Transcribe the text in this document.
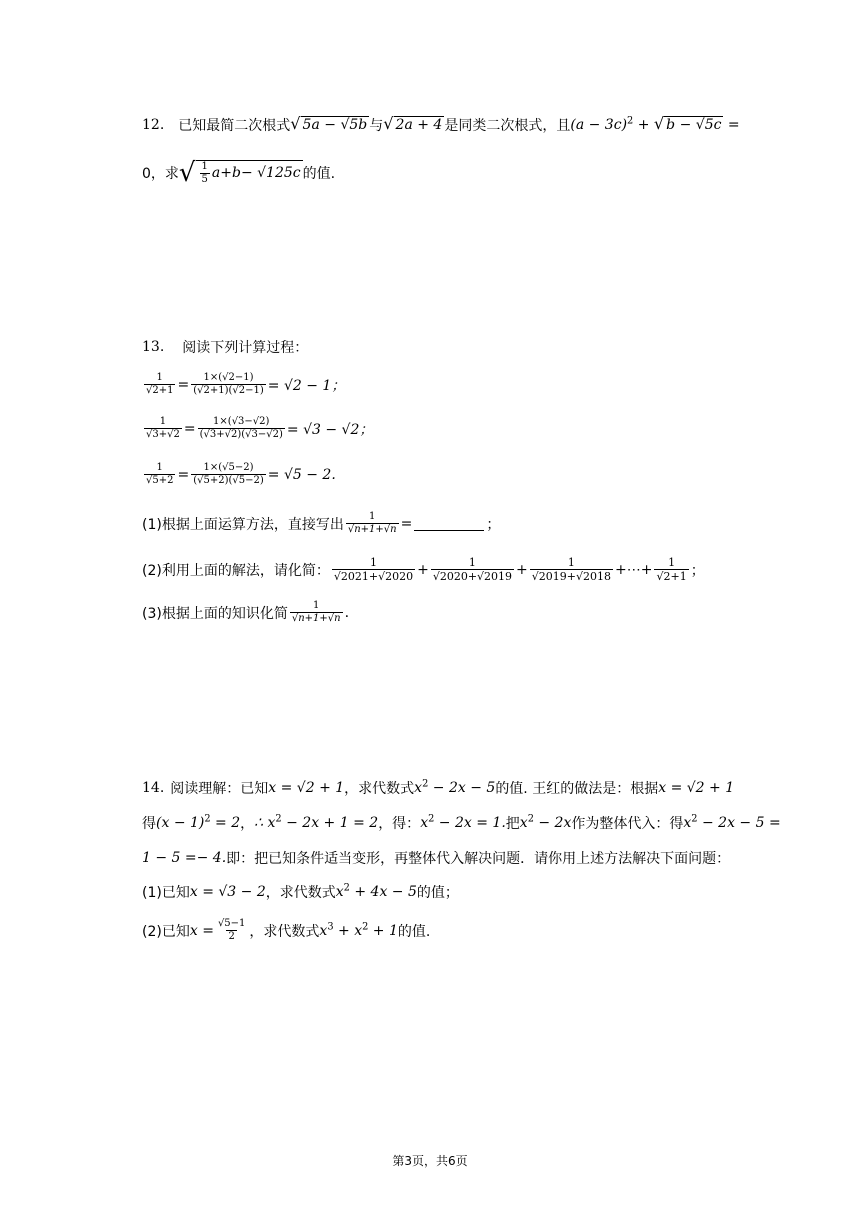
12. 已知最简二次根式 √ 5a − √5b 与 √ 2a + 4 是同类二次根式，且 $(a - 3c)^2$ + √ b − √5c =
0，求 √ $\frac{1}{5}$ a + b − √125 c 的值.
13. 阅读下列计算过程：
$\frac{1}{√2+1} = \frac{1\times(√2-1)}{(√2+1)(√2-1)} = √2 - 1$；
$\frac{1}{√3+√2} = \frac{1\times(√3-√2)}{(√3+√2)(√3-√2)} = √3 - √2$；
$\frac{1}{√5+2} = \frac{1\times(√5-2)}{(√5+2)(√5-2)} = √5 - 2$.
(1)根据上面运算方法，直接写出 $\frac{1}{√n+1+√n}$ =	；
(2)利用上面的解法，请化简： $\frac{1}{√2021+√2020} + \frac{1}{√2020+√2019} + \frac{1}{√2019+√2018}$ +⋯+ $\frac{1}{√2+1}$ ；
(3)根据上面的知识化简 $\frac{1}{√n+1+√n}$ .
14. 阅读理解：已知 x = √2 + 1 ，求代数式 $x^2 - 2x - 5$ 的值. 王红的做法是：根据 x = √2 + 1
得 $(x - 1)^2 = 2$ ， ∴ $x^2 - 2x + 1 = 2$ ，得： $x^2 - 2x = 1$. 把 $x^2 - 2x$ 作为整体代入：得 $x^2 - 2x - 5$ =
1 − 5 =− 4. 即：把已知条件适当变形，再整体代入解决问题．请你用上述方法解决下面问题：
(1)已知 x = √3 − 2 ，求代数式 $x^2 + 4x - 5$ 的值；
(2)已知 $x = \frac{√5-1}{2}$ ，求代数式 $x^3 + x^2 + 1$ 的值.
第3页，共6页
